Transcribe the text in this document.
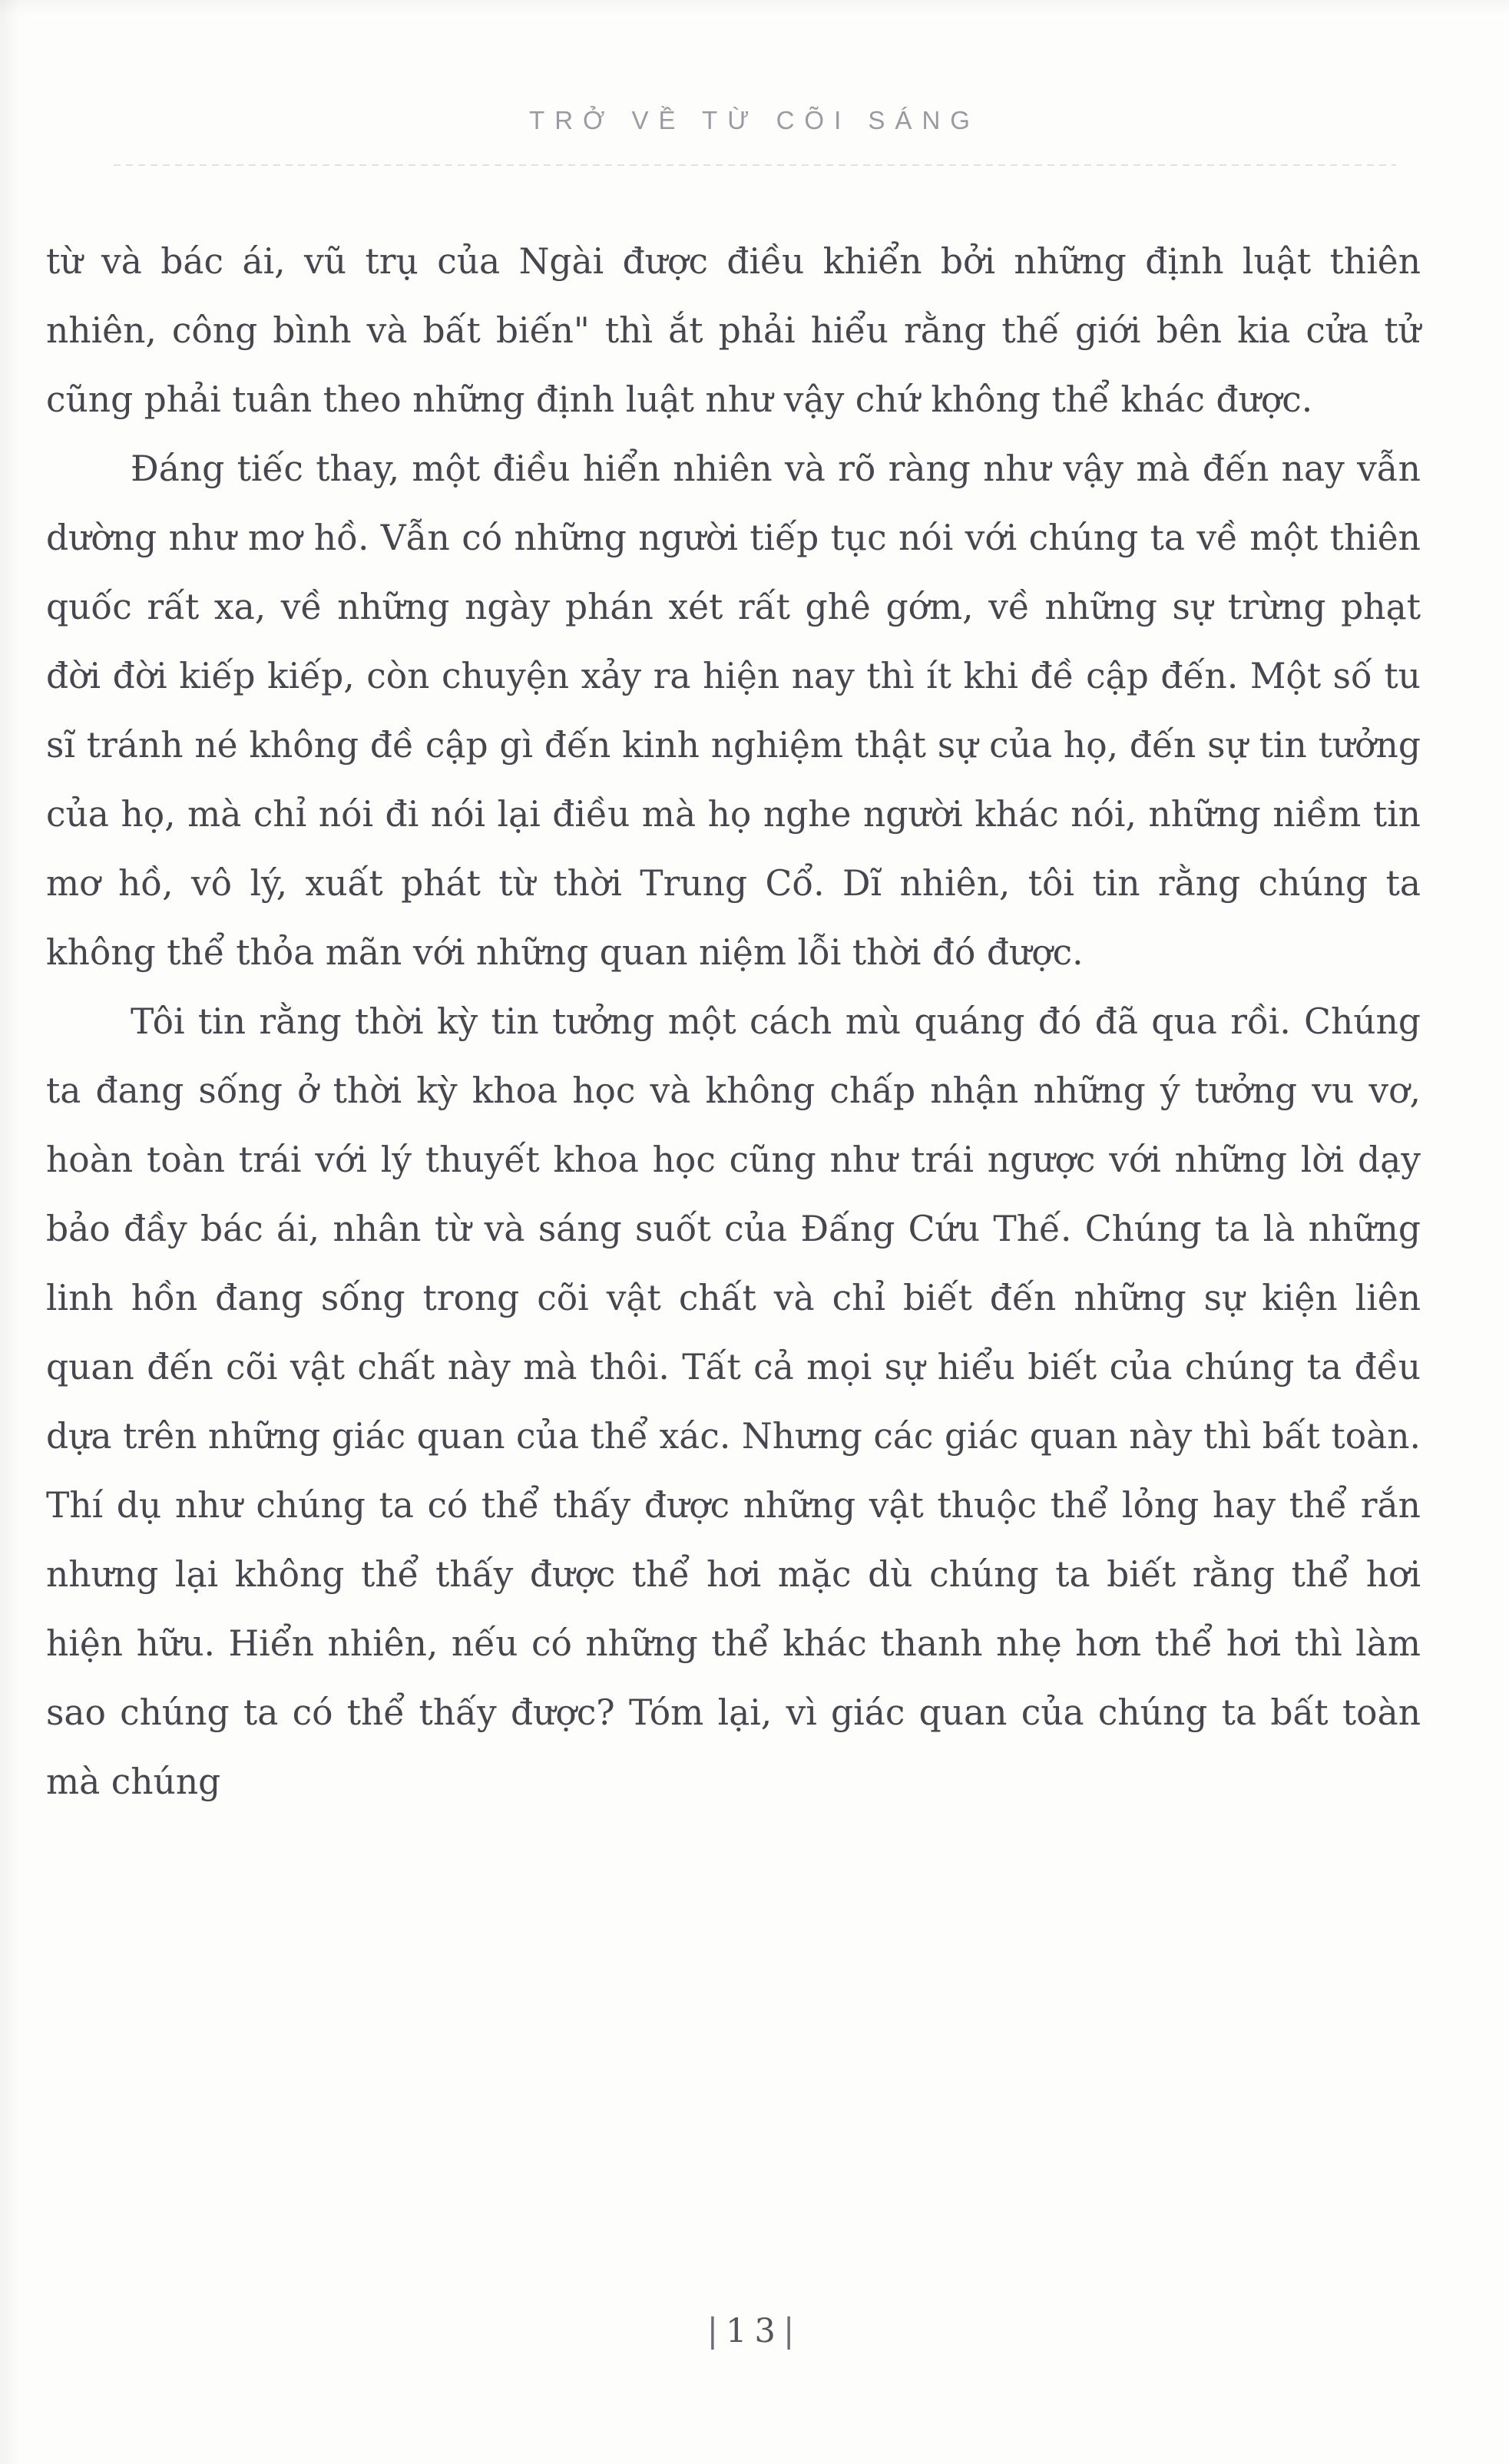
TRỞ VỀ TỪ CÕI SÁNG

từ và bác ái, vũ trụ của Ngài được điều khiển bởi những định luật thiên nhiên, công bình và bất biến" thì ắt phải hiểu rằng thế giới bên kia cửa tử cũng phải tuân theo những định luật như vậy chứ không thể khác được.

Đáng tiếc thay, một điều hiển nhiên và rõ ràng như vậy mà đến nay vẫn dường như mơ hồ. Vẫn có những người tiếp tục nói với chúng ta về một thiên quốc rất xa, về những ngày phán xét rất ghê gớm, về những sự trừng phạt đời đời kiếp kiếp, còn chuyện xảy ra hiện nay thì ít khi đề cập đến. Một số tu sĩ tránh né không đề cập gì đến kinh nghiệm thật sự của họ, đến sự tin tưởng của họ, mà chỉ nói đi nói lại điều mà họ nghe người khác nói, những niềm tin mơ hồ, vô lý, xuất phát từ thời Trung Cổ. Dĩ nhiên, tôi tin rằng chúng ta không thể thỏa mãn với những quan niệm lỗi thời đó được.

Tôi tin rằng thời kỳ tin tưởng một cách mù quáng đó đã qua rồi. Chúng ta đang sống ở thời kỳ khoa học và không chấp nhận những ý tưởng vu vơ, hoàn toàn trái với lý thuyết khoa học cũng như trái ngược với những lời dạy bảo đầy bác ái, nhân từ và sáng suốt của Đấng Cứu Thế. Chúng ta là những linh hồn đang sống trong cõi vật chất và chỉ biết đến những sự kiện liên quan đến cõi vật chất này mà thôi. Tất cả mọi sự hiểu biết của chúng ta đều dựa trên những giác quan của thể xác. Nhưng các giác quan này thì bất toàn. Thí dụ như chúng ta có thể thấy được những vật thuộc thể lỏng hay thể rắn nhưng lại không thể thấy được thể hơi mặc dù chúng ta biết rằng thể hơi hiện hữu. Hiển nhiên, nếu có những thể khác thanh nhẹ hơn thể hơi thì làm sao chúng ta có thể thấy được? Tóm lại, vì giác quan của chúng ta bất toàn mà chúng

|13|
